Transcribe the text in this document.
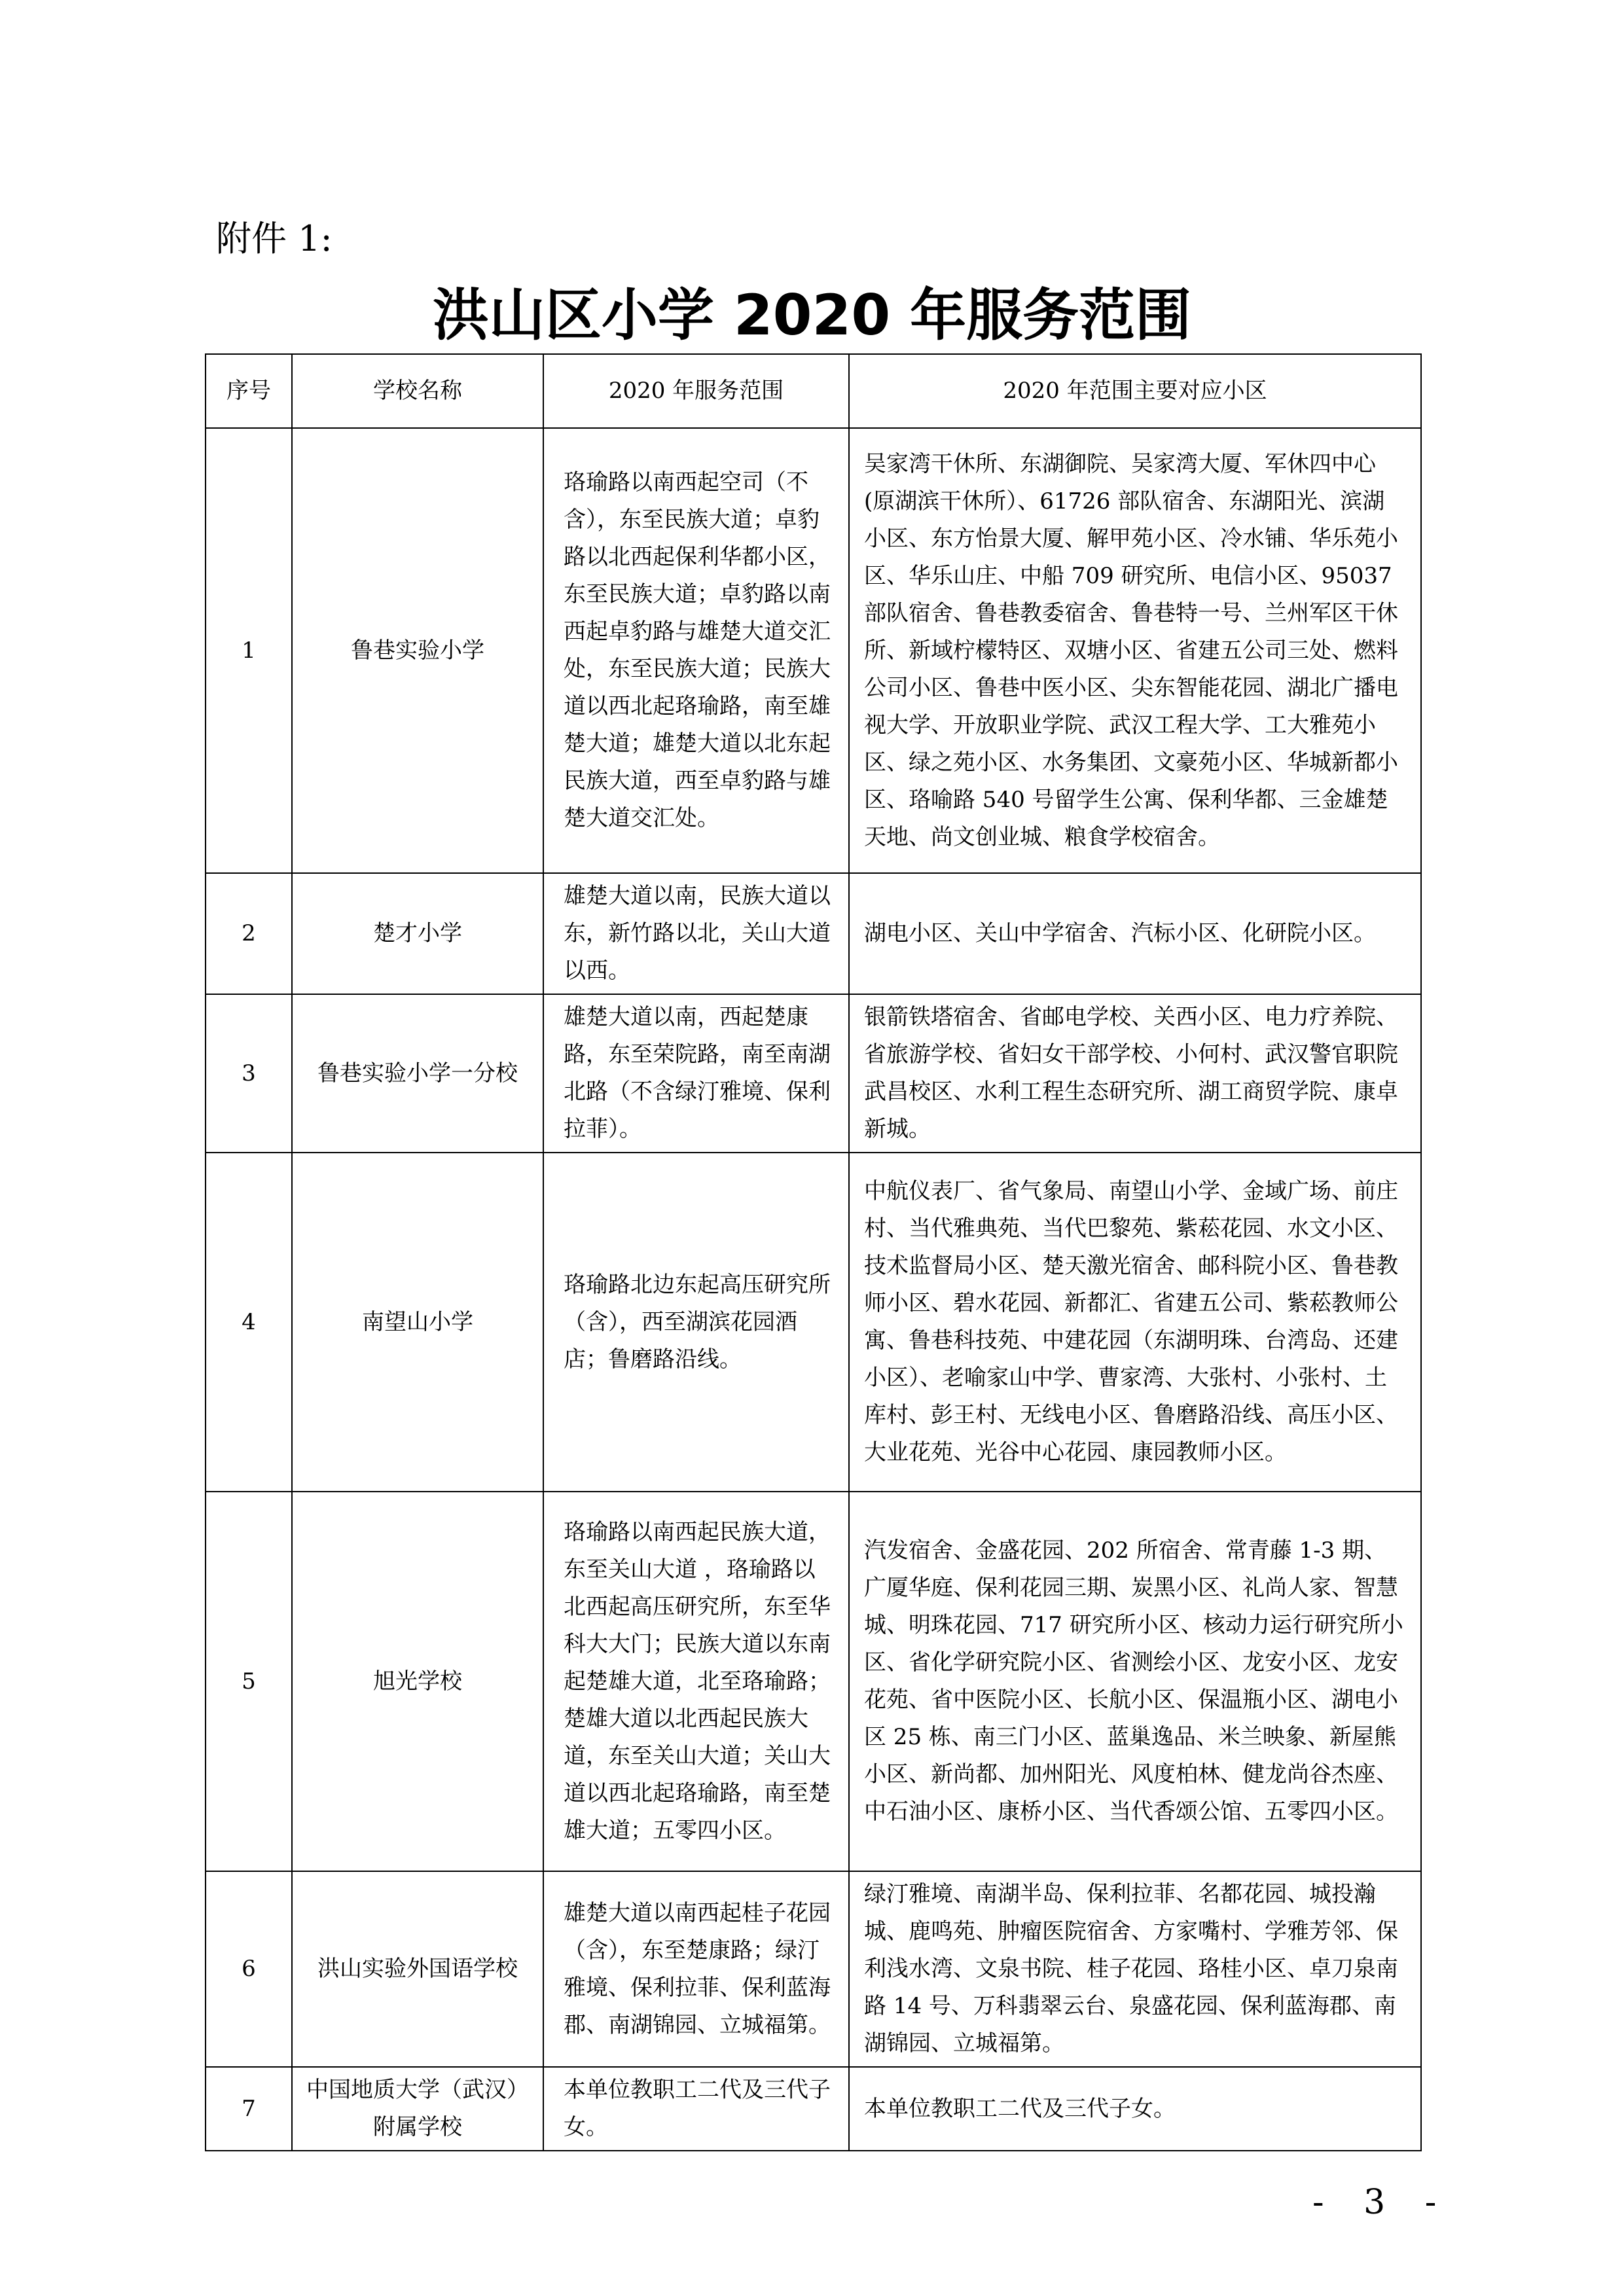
附件 1:
洪山区小学 2020 年服务范围
序号	学校名称	2020 年服务范围	2020 年范围主要对应小区
1	鲁巷实验小学	珞瑜路以南西起空司（不含），东至民族大道；卓豹路以北西起保利华都小区，东至民族大道；卓豹路以南西起卓豹路与雄楚大道交汇处，东至民族大道；民族大道以西北起珞瑜路，南至雄楚大道；雄楚大道以北东起民族大道，西至卓豹路与雄楚大道交汇处。	吴家湾干休所、东湖御院、吴家湾大厦、军休四中心(原湖滨干休所）、61726 部队宿舍、东湖阳光、滨湖小区、东方怡景大厦、解甲苑小区、冷水铺、华乐苑小区、华乐山庄、中船 709 研究所、电信小区、95037 部队宿舍、鲁巷教委宿舍、鲁巷特一号、兰州军区干休所、新域柠檬特区、双塘小区、省建五公司三处、燃料公司小区、鲁巷中医小区、尖东智能花园、湖北广播电视大学、开放职业学院、武汉工程大学、工大雅苑小区、绿之苑小区、水务集团、文豪苑小区、华城新都小区、珞喻路 540 号留学生公寓、保利华都、三金雄楚天地、尚文创业城、粮食学校宿舍。
2	楚才小学	雄楚大道以南，民族大道以东，新竹路以北，关山大道以西。	湖电小区、关山中学宿舍、汽标小区、化研院小区。
3	鲁巷实验小学一分校	雄楚大道以南，西起楚康路，东至荣院路，南至南湖北路（不含绿汀雅境、保利拉菲）。	银箭铁塔宿舍、省邮电学校、关西小区、电力疗养院、省旅游学校、省妇女干部学校、小何村、武汉警官职院武昌校区、水利工程生态研究所、湖工商贸学院、康卓新城。
4	南望山小学	珞瑜路北边东起高压研究所（含），西至湖滨花园酒店；鲁磨路沿线。	中航仪表厂、省气象局、南望山小学、金域广场、前庄村、当代雅典苑、当代巴黎苑、紫菘花园、水文小区、技术监督局小区、楚天激光宿舍、邮科院小区、鲁巷教师小区、碧水花园、新都汇、省建五公司、紫菘教师公寓、鲁巷科技苑、中建花园（东湖明珠、台湾岛、还建小区）、老喻家山中学、曹家湾、大张村、小张村、土库村、彭王村、无线电小区、鲁磨路沿线、高压小区、大业花苑、光谷中心花园、康园教师小区。
5	旭光学校	珞瑜路以南西起民族大道，东至关山大道 ，珞瑜路以北西起高压研究所，东至华科大大门；民族大道以东南起楚雄大道，北至珞瑜路；楚雄大道以北西起民族大道，东至关山大道；关山大道以西北起珞瑜路，南至楚雄大道；五零四小区。	汽发宿舍、金盛花园、202 所宿舍、常青藤 1-3 期、广厦华庭、保利花园三期、炭黑小区、礼尚人家、智慧城、明珠花园、717 研究所小区、核动力运行研究所小区、省化学研究院小区、省测绘小区、龙安小区、龙安花苑、省中医院小区、长航小区、保温瓶小区、湖电小区 25 栋、南三门小区、蓝巢逸品、米兰映象、新屋熊小区、新尚都、加州阳光、风度柏林、健龙尚谷杰座、中石油小区、康桥小区、当代香颂公馆、五零四小区。
6	洪山实验外国语学校	雄楚大道以南西起桂子花园（含），东至楚康路；绿汀雅境、保利拉菲、保利蓝海郡、南湖锦园、立城福第。	绿汀雅境、南湖半岛、保利拉菲、名都花园、城投瀚城、鹿鸣苑、肿瘤医院宿舍、方家嘴村、学雅芳邻、保利浅水湾、文泉书院、桂子花园、珞桂小区、卓刀泉南路 14 号、万科翡翠云台、泉盛花园、保利蓝海郡、南湖锦园、立城福第。
7	中国地质大学（武汉）附属学校	本单位教职工二代及三代子女。	本单位教职工二代及三代子女。
- 3 -
